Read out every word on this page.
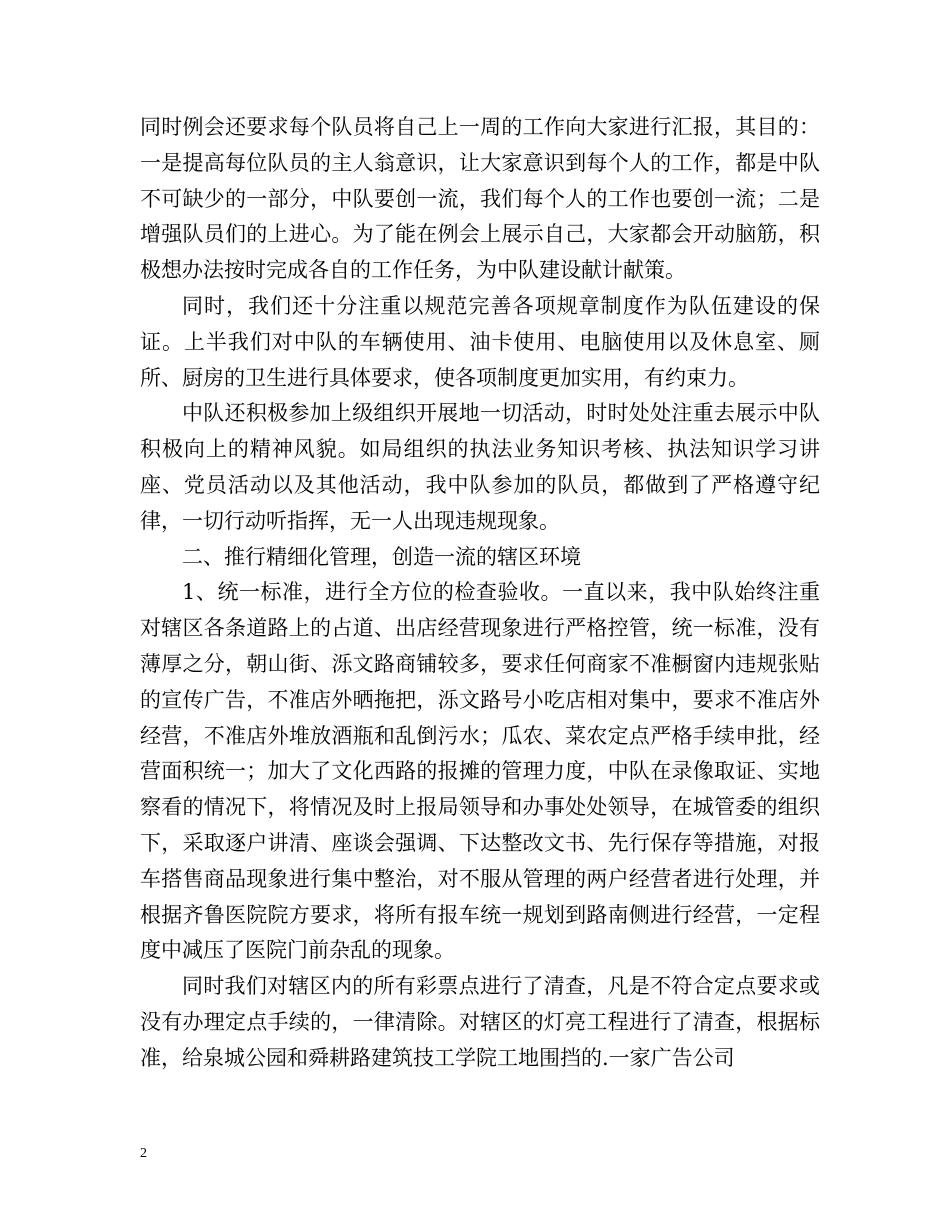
同时例会还要求每个队员将自己上一周的工作向大家进行汇报，其目的：一是提高每位队员的主人翁意识，让大家意识到每个人的工作，都是中队不可缺少的一部分，中队要创一流，我们每个人的工作也要创一流；二是增强队员们的上进心。为了能在例会上展示自己，大家都会开动脑筋，积极想办法按时完成各自的工作任务，为中队建设献计献策。

同时，我们还十分注重以规范完善各项规章制度作为队伍建设的保证。上半我们对中队的车辆使用、油卡使用、电脑使用以及休息室、厕所、厨房的卫生进行具体要求，使各项制度更加实用，有约束力。

中队还积极参加上级组织开展地一切活动，时时处处注重去展示中队积极向上的精神风貌。如局组织的执法业务知识考核、执法知识学习讲座、党员活动以及其他活动，我中队参加的队员，都做到了严格遵守纪律，一切行动听指挥，无一人出现违规现象。

二、推行精细化管理，创造一流的辖区环境

1、统一标准，进行全方位的检查验收。一直以来，我中队始终注重对辖区各条道路上的占道、出店经营现象进行严格控管，统一标准，没有薄厚之分，朝山街、泺文路商铺较多，要求任何商家不准橱窗内违规张贴的宣传广告，不准店外晒拖把，泺文路号小吃店相对集中，要求不准店外经营，不准店外堆放酒瓶和乱倒污水；瓜农、菜农定点严格手续申批，经营面积统一；加大了文化西路的报摊的管理力度，中队在录像取证、实地察看的情况下，将情况及时上报局领导和办事处处领导，在城管委的组织下，采取逐户讲清、座谈会强调、下达整改文书、先行保存等措施，对报车搭售商品现象进行集中整治，对不服从管理的两户经营者进行处理，并根据齐鲁医院院方要求，将所有报车统一规划到路南侧进行经营，一定程度中减压了医院门前杂乱的现象。

同时我们对辖区内的所有彩票点进行了清查，凡是不符合定点要求或没有办理定点手续的，一律清除。对辖区的灯亮工程进行了清查，根据标准，给泉城公园和舜耕路建筑技工学院工地围挡的.一家广告公司

2
